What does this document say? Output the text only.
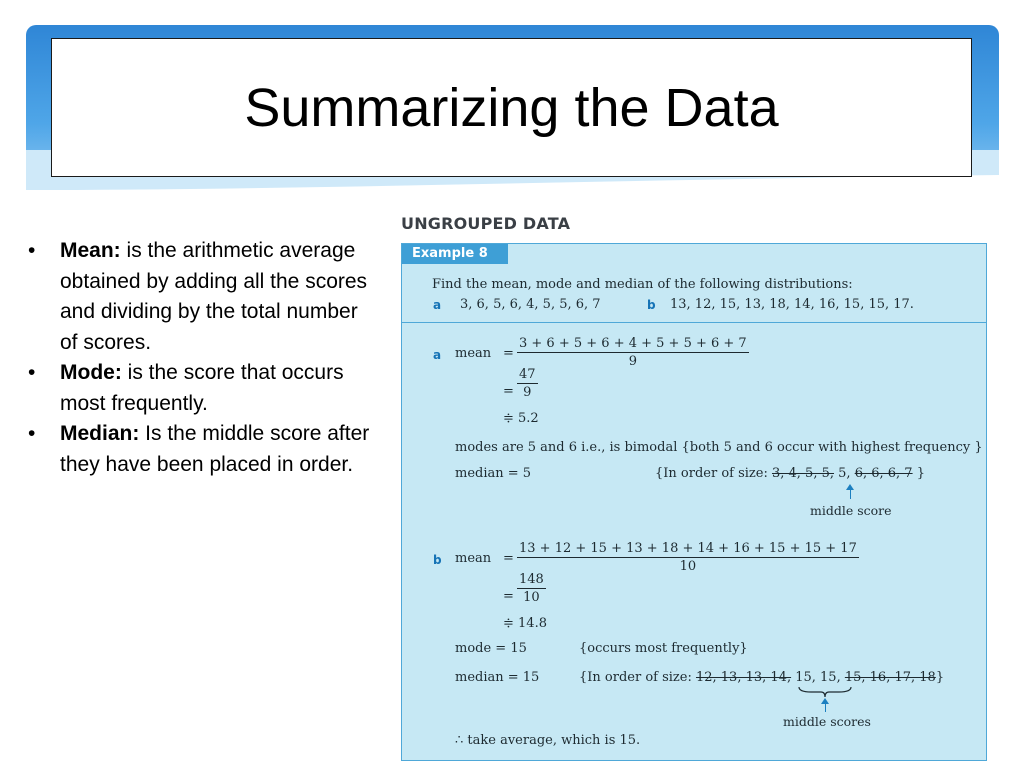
Summarizing the Data
• Mean: is the arithmetic average obtained by adding all the scores and dividing by the total number of scores.
• Mode: is the score that occurs most frequently.
• Median: Is the middle score after they have been placed in order.
UNGROUPED DATA
Example 8
Find the mean, mode and median of the following distributions:
a 3, 6, 5, 6, 4, 5, 5, 6, 7	b 13, 12, 15, 13, 18, 14, 16, 15, 15, 17.
a mean = $\frac{3 + 6 + 5 + 6 + 4 + 5 + 5 + 6 + 7}{9}$
= $\frac{47}{9}$
≑ 5.2
modes are 5 and 6 i.e., is bimodal {both 5 and 6 occur with highest frequency }
median = 5	{In order of size: 3, 4, 5, 5, 5, 6, 6, 6, 7 }
middle score
b mean = $\frac{13 + 12 + 15 + 13 + 18 + 14 + 16 + 15 + 15 + 17}{10}$
= $\frac{148}{10}$
≑ 14.8
mode = 15	{occurs most frequently}
median = 15	{In order of size: 12, 13, 13, 14, 15, 15, 15, 16, 17, 18}
middle scores
∴ take average, which is 15.
